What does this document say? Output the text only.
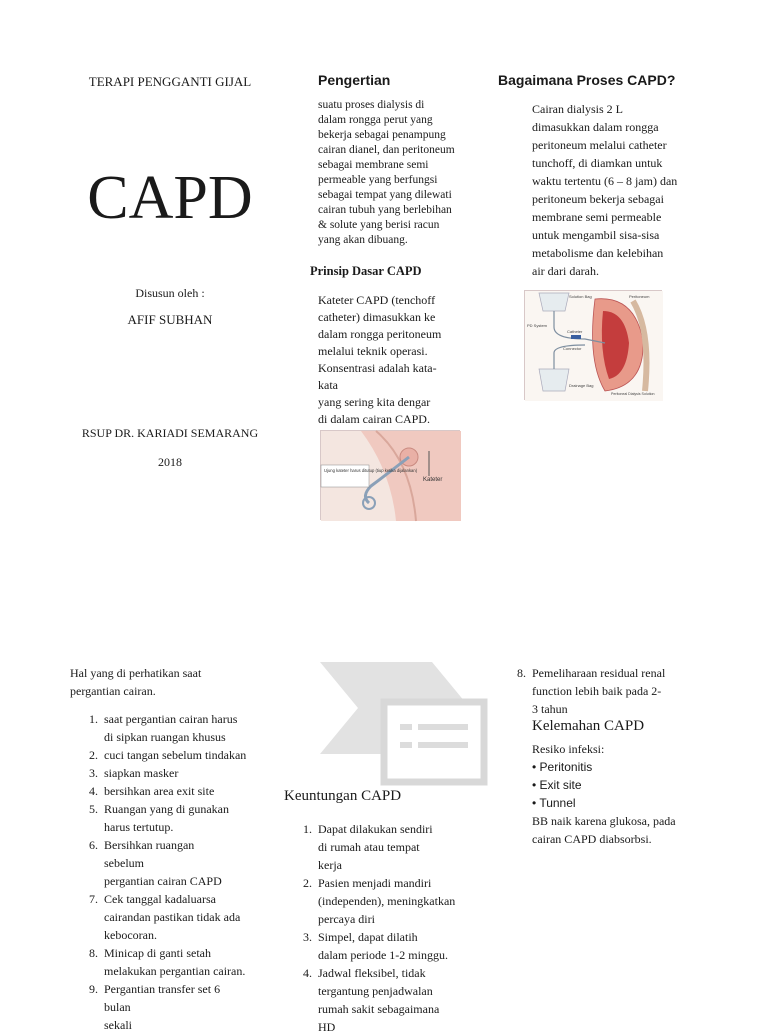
TERAPI PENGGANTI GIJAL
CAPD
Disusun oleh :
AFIF SUBHAN
RSUP DR. KARIADI SEMARANG
2018
Pengertian
suatu proses dialysis di
dalam rongga perut yang
bekerja sebagai penampung
cairan dianel, dan peritoneum
sebagai membrane semi
permeable yang berfungsi
sebagai tempat yang dilewati
cairan tubuh yang berlebihan
& solute yang berisi racun
yang akan dibuang.
Prinsip Dasar CAPD
Kateter CAPD (tenchoff
catheter) dimasukkan ke
dalam rongga peritoneum
melalui teknik operasi.
Konsentrasi adalah kata-
kata
yang sering kita dengar
di dalam cairan CAPD.
Ujung kateter harus ditutup (tiup ketika dijalankan)
Kateter
Bagaimana Proses CAPD?
Cairan dialysis 2 L
dimasukkan dalam rongga
peritoneum melalui catheter
tunchoff, di diamkan untuk
waktu tertentu (6 – 8 jam) dan
peritoneum bekerja sebagai
membrane semi permeable
untuk mengambil sisa-sisa
metabolisme dan kelebihan
air dari darah.
Solution Bag	Peritoneum
PD System
Catheter
Connector
Drainage Bag
Peritoneal Dialysis Solution
Hal yang di perhatikan saat
pergantian cairan.
1. saat pergantian cairan harus
di sipkan ruangan khusus
2. cuci tangan sebelum tindakan
3. siapkan masker
4. bersihkan area exit site
5. Ruangan yang di gunakan
harus tertutup.
6. Bersihkan ruangan
sebelum
pergantian cairan CAPD
7. Cek tanggal kadaluarsa
cairandan pastikan tidak ada
kebocoran.
8. Minicap di ganti setah
melakukan pergantian cairan.
9. Pergantian transfer set 6
bulan
sekali
Keuntungan CAPD
1. Dapat dilakukan sendiri
di rumah atau tempat
kerja
2. Pasien menjadi mandiri
(independen), meningkatkan
percaya diri
3. Simpel, dapat dilatih
dalam periode 1-2 minggu.
4. Jadwal fleksibel, tidak
tergantung penjadwalan
rumah sakit sebagaimana
HD
8. Pemeliharaan residual renal
function lebih baik pada 2-
3 tahun
Kelemahan CAPD
Resiko infeksi:
• Peritonitis
• Exit site
• Tunnel
BB naik karena glukosa, pada
cairan CAPD diabsorbsi.
